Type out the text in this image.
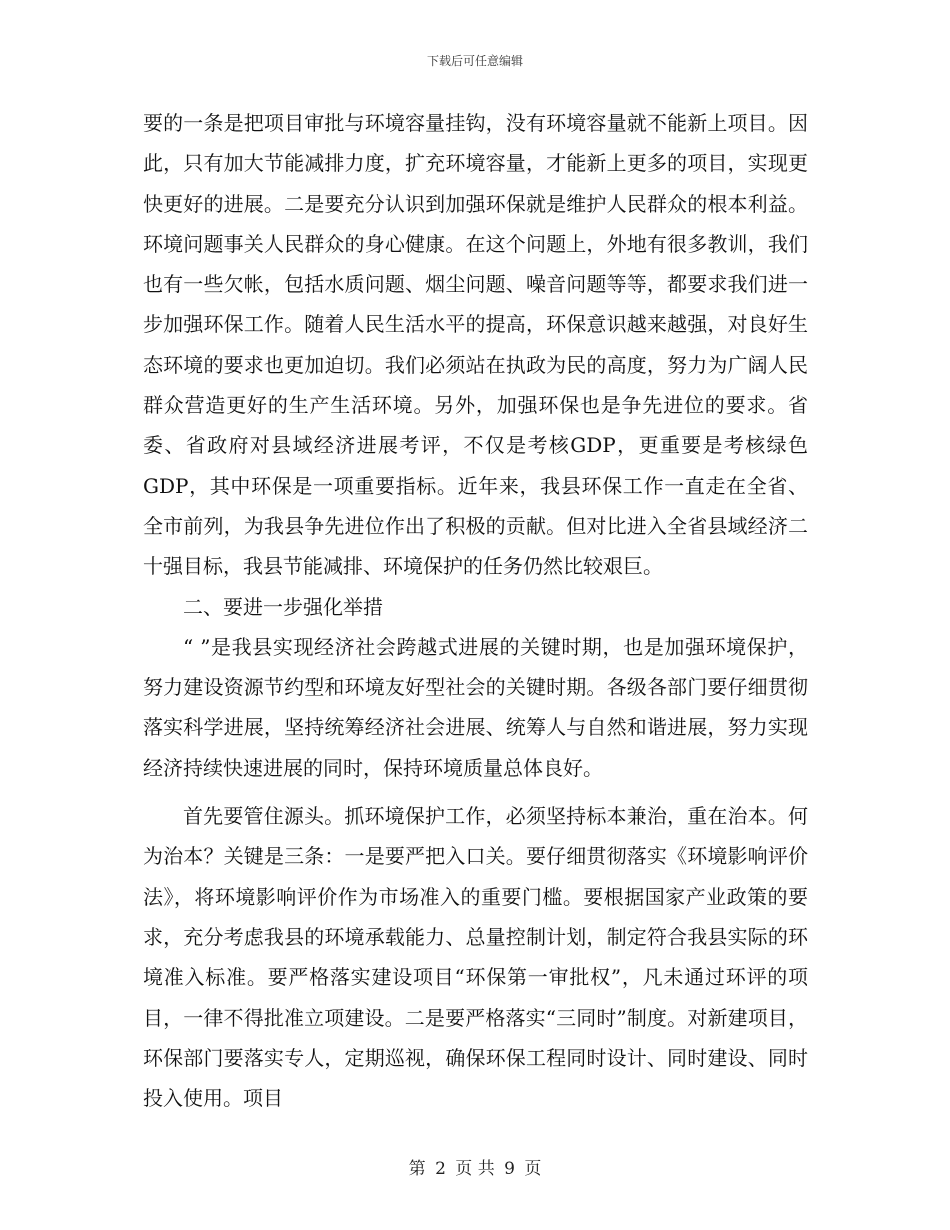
下载后可任意编辑

要的一条是把项目审批与环境容量挂钩，没有环境容量就不能新上项目。因此，只有加大节能减排力度，扩充环境容量，才能新上更多的项目，实现更快更好的进展。二是要充分认识到加强环保就是维护人民群众的根本利益。环境问题事关人民群众的身心健康。在这个问题上，外地有很多教训，我们也有一些欠帐，包括水质问题、烟尘问题、噪音问题等等，都要求我们进一步加强环保工作。随着人民生活水平的提高，环保意识越来越强，对良好生态环境的要求也更加迫切。我们必须站在执政为民的高度，努力为广阔人民群众营造更好的生产生活环境。另外，加强环保也是争先进位的要求。省委、省政府对县域经济进展考评，不仅是考核GDP，更重要是考核绿色GDP，其中环保是一项重要指标。近年来，我县环保工作一直走在全省、全市前列，为我县争先进位作出了积极的贡献。但对比进入全省县域经济二十强目标，我县节能减排、环境保护的任务仍然比较艰巨。

二、要进一步强化举措

“ ”是我县实现经济社会跨越式进展的关键时期，也是加强环境保护，努力建设资源节约型和环境友好型社会的关键时期。各级各部门要仔细贯彻落实科学进展，坚持统筹经济社会进展、统筹人与自然和谐进展，努力实现经济持续快速进展的同时，保持环境质量总体良好。

首先要管住源头。抓环境保护工作，必须坚持标本兼治，重在治本。何为治本？关键是三条：一是要严把入口关。要仔细贯彻落实《环境影响评价法》，将环境影响评价作为市场准入的重要门槛。要根据国家产业政策的要求，充分考虑我县的环境承载能力、总量控制计划，制定符合我县实际的环境准入标准。要严格落实建设项目“环保第一审批权”，凡未通过环评的项目，一律不得批准立项建设。二是要严格落实“三同时”制度。对新建项目，环保部门要落实专人，定期巡视，确保环保工程同时设计、同时建设、同时投入使用。项目

第 2 页 共 9 页
